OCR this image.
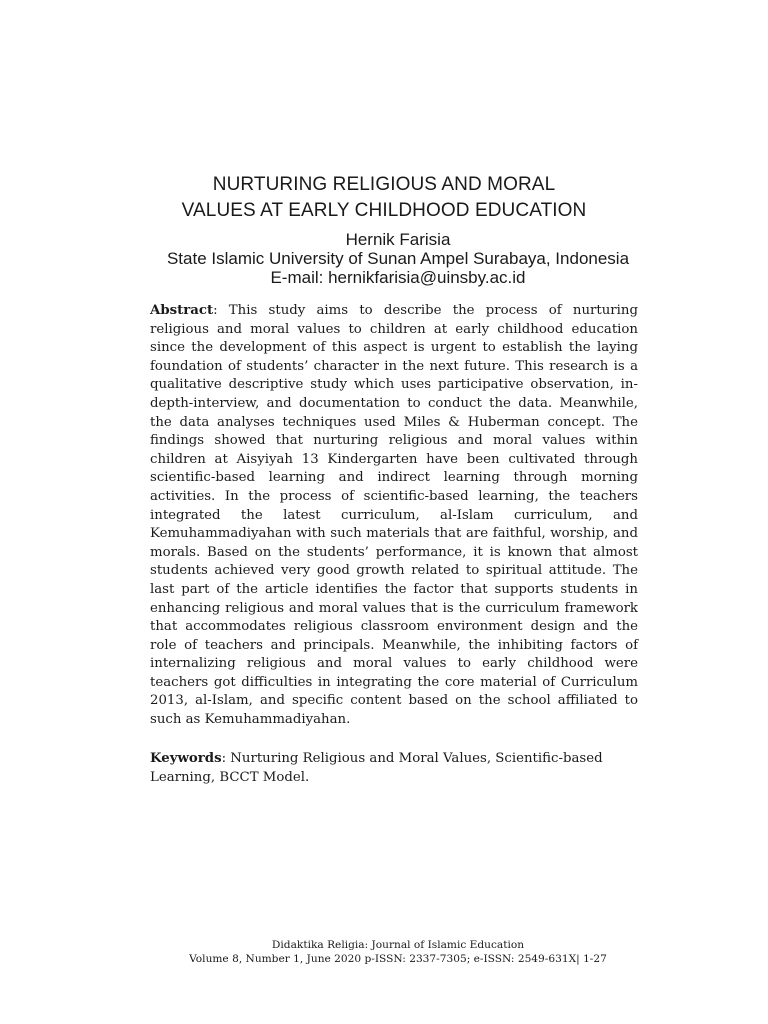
NURTURING RELIGIOUS AND MORAL
VALUES AT EARLY CHILDHOOD EDUCATION
Hernik Farisia
State Islamic University of Sunan Ampel Surabaya, Indonesia
E-mail: hernikfarisia@uinsby.ac.id

Abstract: This study aims to describe the process of nurturing religious and moral values to children at early childhood education since the development of this aspect is urgent to establish the laying foundation of students’ character in the next future. This research is a qualitative descriptive study which uses participative observation, in-depth-interview, and documentation to conduct the data. Meanwhile, the data analyses techniques used Miles & Huberman concept. The findings showed that nurturing religious and moral values within children at Aisyiyah 13 Kindergarten have been cultivated through scientific-based learning and indirect learning through morning activities. In the process of scientific-based learning, the teachers integrated the latest curriculum, al-Islam curriculum, and Kemuhammadiyahan with such materials that are faithful, worship, and morals. Based on the students’ performance, it is known that almost students achieved very good growth related to spiritual attitude. The last part of the article identifies the factor that supports students in enhancing religious and moral values that is the curriculum framework that accommodates religious classroom environment design and the role of teachers and principals. Meanwhile, the inhibiting factors of internalizing religious and moral values to early childhood were teachers got difficulties in integrating the core material of Curriculum 2013, al-Islam, and specific content based on the school affiliated to such as Kemuhammadiyahan.

Keywords: Nurturing Religious and Moral Values, Scientific-based Learning, BCCT Model.

Didaktika Religia: Journal of Islamic Education
Volume 8, Number 1, June 2020 p-ISSN: 2337-7305; e-ISSN: 2549-631X| 1-27
